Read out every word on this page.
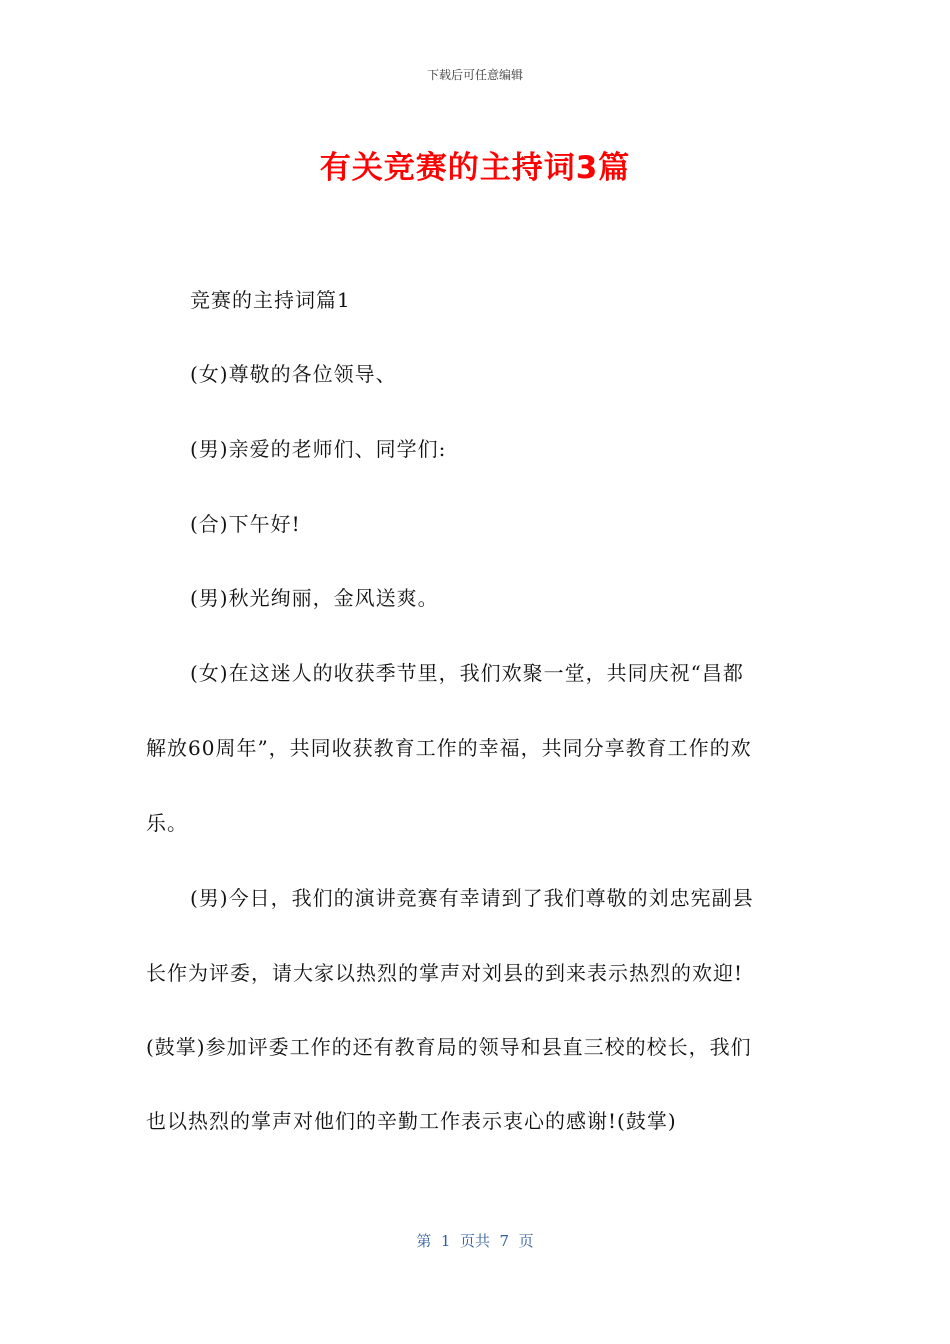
下载后可任意编辑
有关竞赛的主持词3篇
竞赛的主持词篇1
(女)尊敬的各位领导、
(男)亲爱的老师们、同学们:
(合)下午好!
(男)秋光绚丽，金风送爽。
(女)在这迷人的收获季节里，我们欢聚一堂，共同庆祝“昌都
解放60周年”，共同收获教育工作的幸福，共同分享教育工作的欢
乐。
(男)今日，我们的演讲竞赛有幸请到了我们尊敬的刘忠宪副县
长作为评委，请大家以热烈的掌声对刘县的到来表示热烈的欢迎!
(鼓掌)参加评委工作的还有教育局的领导和县直三校的校长，我们
也以热烈的掌声对他们的辛勤工作表示衷心的感谢!(鼓掌)
第  1  页共  7  页
